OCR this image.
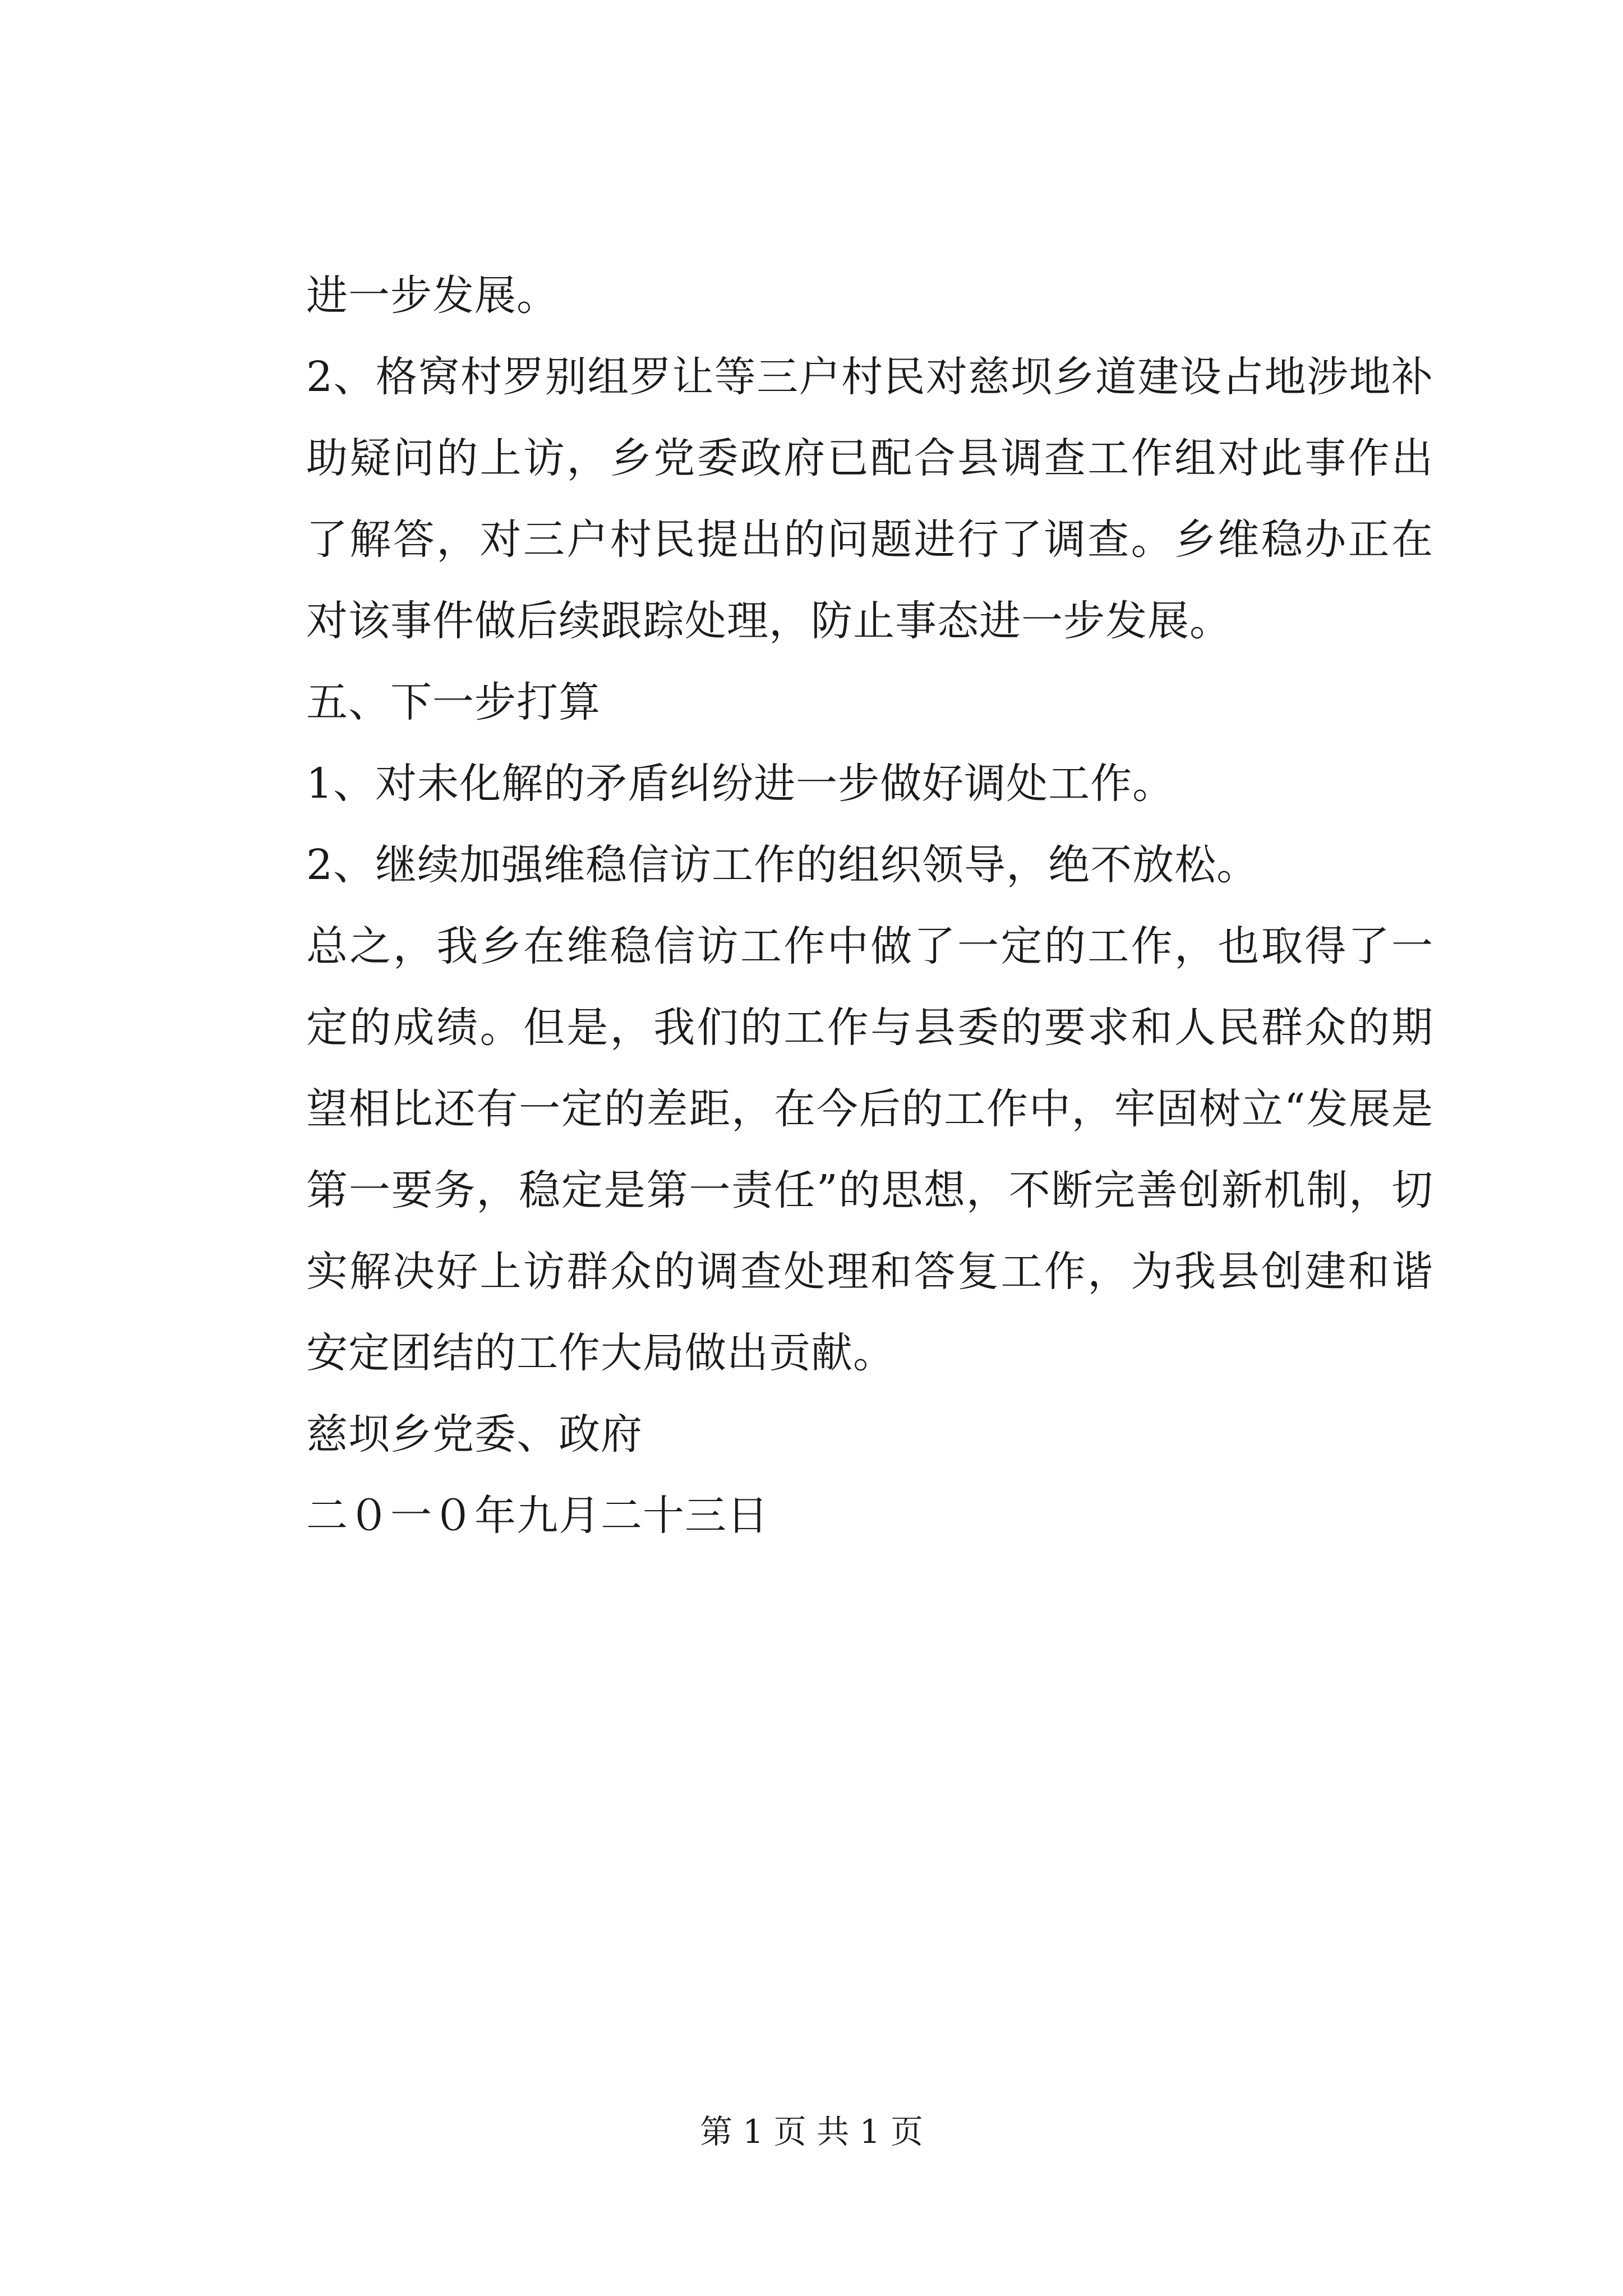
进一步发展。

2、格窝村罗别组罗让等三户村民对慈坝乡道建设占地涉地补助疑问的上访，乡党委政府已配合县调查工作组对此事作出了解答，对三户村民提出的问题进行了调查。乡维稳办正在对该事件做后续跟踪处理，防止事态进一步发展。

五、下一步打算

1、对未化解的矛盾纠纷进一步做好调处工作。

2、继续加强维稳信访工作的组织领导，绝不放松。

总之，我乡在维稳信访工作中做了一定的工作，也取得了一定的成绩。但是，我们的工作与县委的要求和人民群众的期望相比还有一定的差距，在今后的工作中，牢固树立“发展是第一要务，稳定是第一责任”的思想，不断完善创新机制，切实解决好上访群众的调查处理和答复工作，为我县创建和谐安定团结的工作大局做出贡献。

慈坝乡党委、政府

二０一０年九月二十三日

第 1 页 共 1 页
